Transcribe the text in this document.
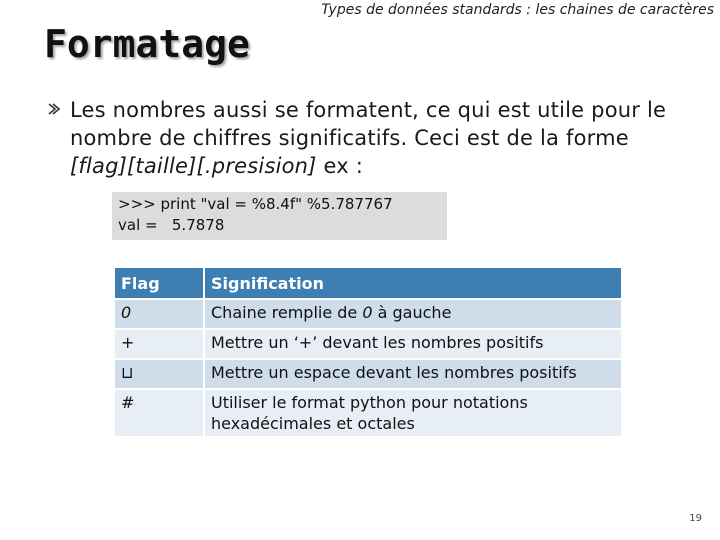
Types de données standards : les chaines de caractères
Formatage
Les nombres aussi se formatent, ce qui est utile pour le nombre de chiffres significatifs. Ceci est de la forme [flag][taille][.presision] ex :
>>> print "val = %8.4f" %5.787767
val =   5.7878
Flag	Signification
0	Chaine remplie de 0 à gauche
+	Mettre un ‘+’ devant les nombres positifs
⊔	Mettre un espace devant les nombres positifs
#	Utiliser le format python pour notations hexadécimales et octales
19
